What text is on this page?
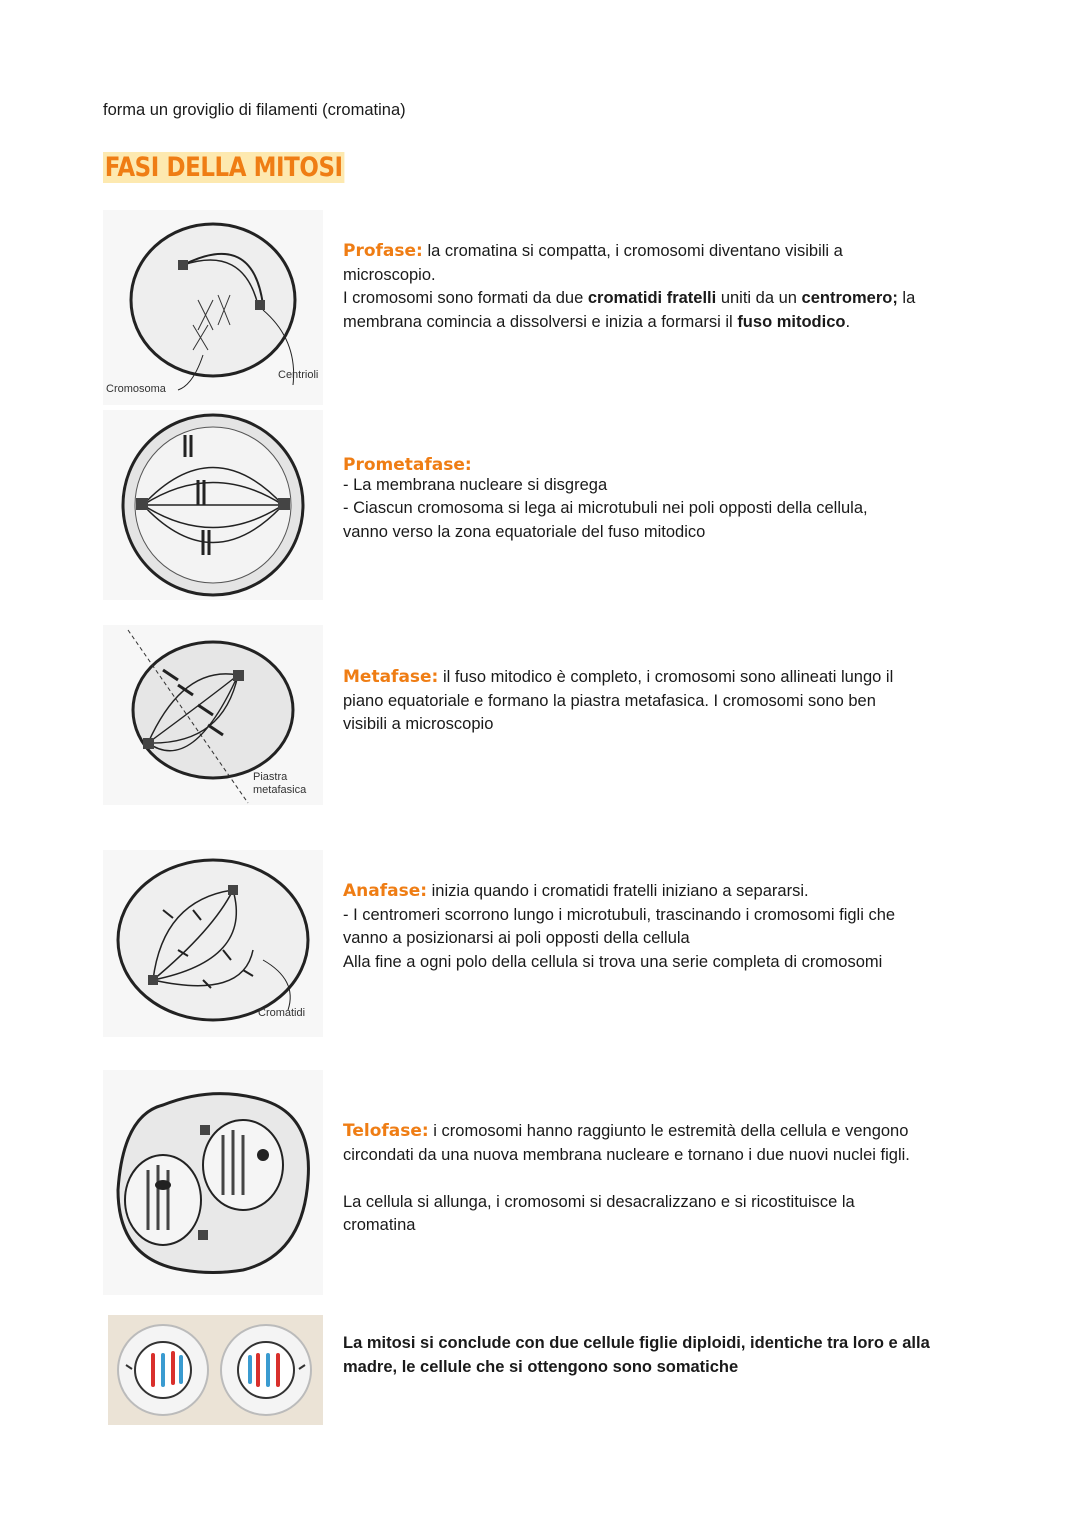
forma un groviglio di filamenti (cromatina)
FASI DELLA MITOSI
Cromosoma
Centrioli
Profase: la cromatina si compatta, i cromosomi diventano visibili a
microscopio.
I cromosomi sono formati da due cromatidi fratelli uniti da un centromero; la
membrana comincia a dissolversi e inizia a formarsi il fuso mitodico.
Prometafase:
- La membrana nucleare si disgrega
- Ciascun cromosoma si lega ai microtubuli nei poli opposti della cellula,
vanno verso la zona equatoriale del fuso mitodico
Piastra
metafasica
Metafase: il fuso mitodico è completo, i cromosomi sono allineati lungo il
piano equatoriale e formano la piastra metafasica. I cromosomi sono ben
visibili a microscopio
Cromatidi
Anafase: inizia quando i cromatidi fratelli iniziano a separarsi.
- I centromeri scorrono lungo i microtubuli, trascinando i cromosomi figli che
vanno a posizionarsi ai poli opposti della cellula
Alla fine a ogni polo della cellula si trova una serie completa di cromosomi
Telofase: i cromosomi hanno raggiunto le estremità della cellula e vengono
circondati da una nuova membrana nucleare e tornano i due nuovi nuclei figli.
La cellula si allunga, i cromosomi si desacralizzano e si ricostituisce la
cromatina
La mitosi si conclude con due cellule figlie diploidi, identiche tra loro e alla
madre, le cellule che si ottengono sono somatiche
